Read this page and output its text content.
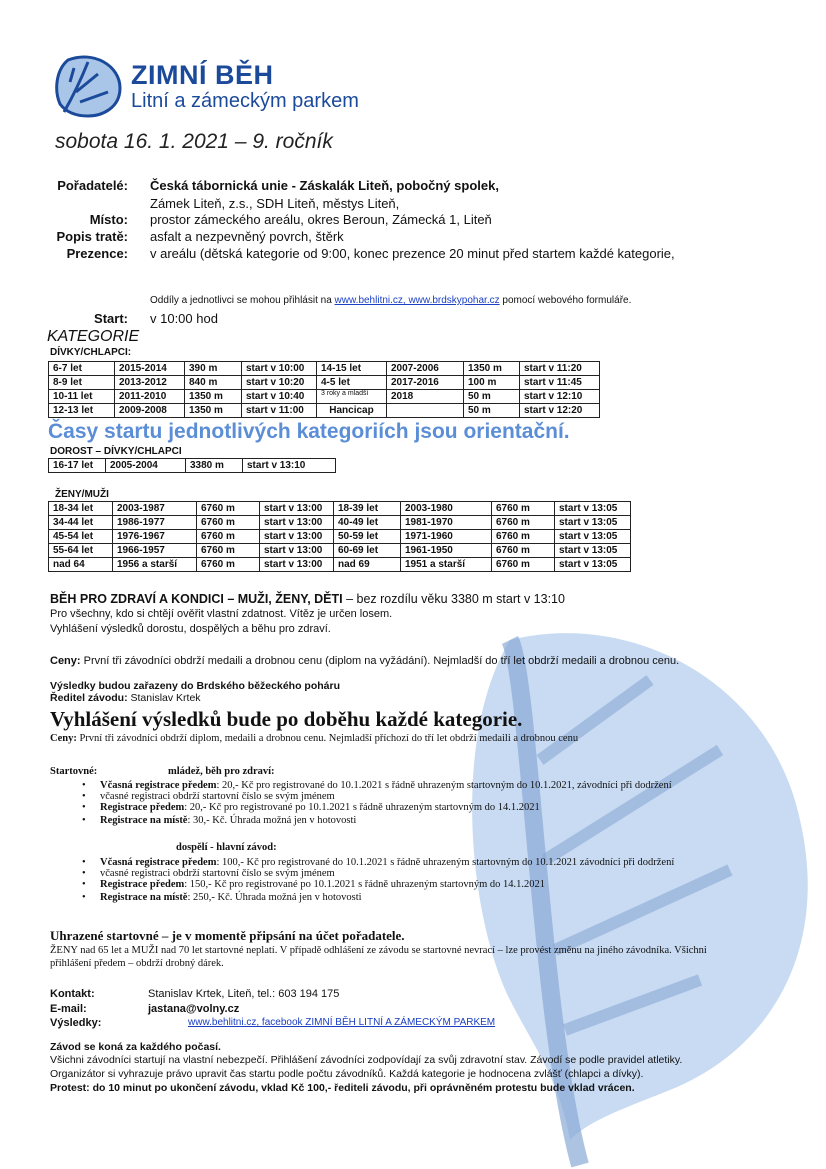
ZIMNÍ BĚH
Litní a zámeckým parkem
sobota 16. 1. 2021 – 9. ročník
Pořadatelé: Česká tábornická unie - Záskalák Liteň, pobočný spolek,
Zámek Liteň, z.s., SDH Liteň, městys Liteň,
Místo: prostor zámeckého areálu, okres Beroun, Zámecká 1, Liteň
Popis tratě: asfalt a nezpevněný povrch, štěrk
Prezence: v areálu (dětská kategorie od 9:00, konec prezence 20 minut před startem každé kategorie,
Oddíly a jednotlivci se mohou přihlásit na www.behlitni.cz, www.brdskypohar.cz pomocí webového formuláře.
Start: v 10:00 hod
KATEGORIE
DÍVKY/CHLAPCI:
6-7 let	2015-2014	390 m	start v 10:00	14-15 let	2007-2006	1350 m	start v 11:20
8-9 let	2013-2012	840 m	start v 10:20	4-5 let	2017-2016	100 m	start v 11:45
10-11 let	2011-2010	1350 m	start v 10:40	3 roky a mladší	2018	50 m	start v 12:10
12-13 let	2009-2008	1350 m	start v 11:00	Hancicap		50 m	start v 12:20
Časy startu jednotlivých kategoriích jsou orientační.
DOROST – DÍVKY/CHLAPCI
16-17 let	2005-2004	3380 m	start v 13:10
ŽENY/MUŽI
18-34 let	2003-1987	6760 m	start v 13:00	18-39 let	2003-1980	6760 m	start v 13:05
34-44 let	1986-1977	6760 m	start v 13:00	40-49 let	1981-1970	6760 m	start v 13:05
45-54 let	1976-1967	6760 m	start v 13:00	50-59 let	1971-1960	6760 m	start v 13:05
55-64 let	1966-1957	6760 m	start v 13:00	60-69 let	1961-1950	6760 m	start v 13:05
nad 64	1956 a starší	6760 m	start v 13:00	nad 69	1951 a starší	6760 m	start v 13:05
BĚH PRO ZDRAVÍ A KONDICI – MUŽI, ŽENY, DĚTI – bez rozdílu věku 3380 m start v 13:10
Pro všechny, kdo si chtějí ověřit vlastní zdatnost. Vítěz je určen losem.
Vyhlášení výsledků dorostu, dospělých a běhu pro zdraví.
Ceny: První tři závodníci obdrží medaili a drobnou cenu (diplom na vyžádání). Nejmladší do tří let obdrží medaili a drobnou cenu.
Výsledky budou zařazeny do Brdského běžeckého poháru
Ředitel závodu: Stanislav Krtek
Vyhlášení výsledků bude po doběhu každé kategorie.
Ceny: První tři závodníci obdrží diplom, medaili a drobnou cenu. Nejmladší příchozí do tří let obdrží medaili a drobnou cenu
Startovné:	mládež, běh pro zdraví:
• Včasná registrace předem: 20,- Kč pro registrované do 10.1.2021 s řádně uhrazeným startovným do 10.1.2021, závodníci při dodržení
• včasné registraci obdrží startovní číslo se svým jménem
• Registrace předem: 20,- Kč pro registrované po 10.1.2021 s řádně uhrazeným startovným do 14.1.2021
• Registrace na místě: 30,- Kč. Úhrada možná jen v hotovosti
dospělí - hlavní závod:
• Včasná registrace předem: 100,- Kč pro registrované do 10.1.2021 s řádně uhrazeným startovným do 10.1.2021 závodníci při dodržení
• včasné registraci obdrží startovní číslo se svým jménem
• Registrace předem: 150,- Kč pro registrované po 10.1.2021 s řádně uhrazeným startovným do 14.1.2021
• Registrace na místě: 250,- Kč. Úhrada možná jen v hotovosti
Uhrazené startovné – je v momentě připsání na účet pořadatele.
ŽENY nad 65 let a MUŽI nad 70 let startovné neplatí. V případě odhlášení ze závodu se startovné nevrací – lze provést změnu na jiného závodníka. Všichni
přihlášení předem – obdrží drobný dárek.
Kontakt:	Stanislav Krtek, Liteň, tel.: 603 194 175
E-mail:	jastana@volny.cz
Výsledky:	www.behlitni.cz, facebook ZIMNÍ BĚH LITNÍ A ZÁMECKÝM PARKEM
Závod se koná za každého počasí.
Všichni závodníci startují na vlastní nebezpečí. Přihlášení závodníci zodpovídají za svůj zdravotní stav. Závodí se podle pravidel atletiky.
Organizátor si vyhrazuje právo upravit čas startu podle počtu závodníků. Každá kategorie je hodnocena zvlášť (chlapci a dívky).
Protest: do 10 minut po ukončení závodu, vklad Kč 100,- řediteli závodu, při oprávněném protestu bude vklad vrácen.
